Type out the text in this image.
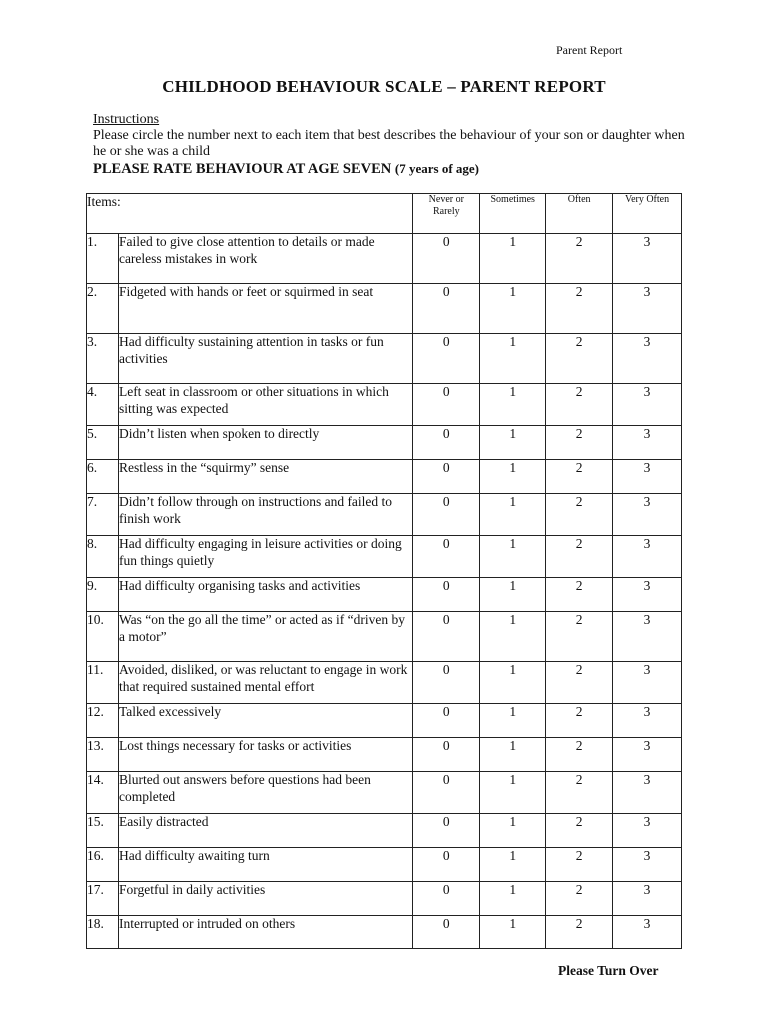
Parent Report
CHILDHOOD BEHAVIOUR SCALE – PARENT REPORT
Instructions
Please circle the number next to each item that best describes the behaviour of your son or daughter when he or she was a child
PLEASE RATE BEHAVIOUR AT AGE SEVEN (7 years of age)
Items:		Never or Rarely	Sometimes	Often	Very Often
1.	Failed to give close attention to details or made careless mistakes in work	0	1	2	3
2.	Fidgeted with hands or feet or squirmed in seat	0	1	2	3
3.	Had difficulty sustaining attention in tasks or fun activities	0	1	2	3
4.	Left seat in classroom or other situations in which sitting was expected	0	1	2	3
5.	Didn’t listen when spoken to directly	0	1	2	3
6.	Restless in the “squirmy” sense	0	1	2	3
7.	Didn’t follow through on instructions and failed to finish work	0	1	2	3
8.	Had difficulty engaging in leisure activities or doing fun things quietly	0	1	2	3
9.	Had difficulty organising tasks and activities	0	1	2	3
10.	Was “on the go all the time” or acted as if “driven by a motor”	0	1	2	3
11.	Avoided, disliked, or was reluctant to engage in work that required sustained mental effort	0	1	2	3
12.	Talked excessively	0	1	2	3
13.	Lost things necessary for tasks or activities	0	1	2	3
14.	Blurted out answers before questions had been completed	0	1	2	3
15.	Easily distracted	0	1	2	3
16.	Had difficulty awaiting turn	0	1	2	3
17.	Forgetful in daily activities	0	1	2	3
18.	Interrupted or intruded on others	0	1	2	3
Please Turn Over
